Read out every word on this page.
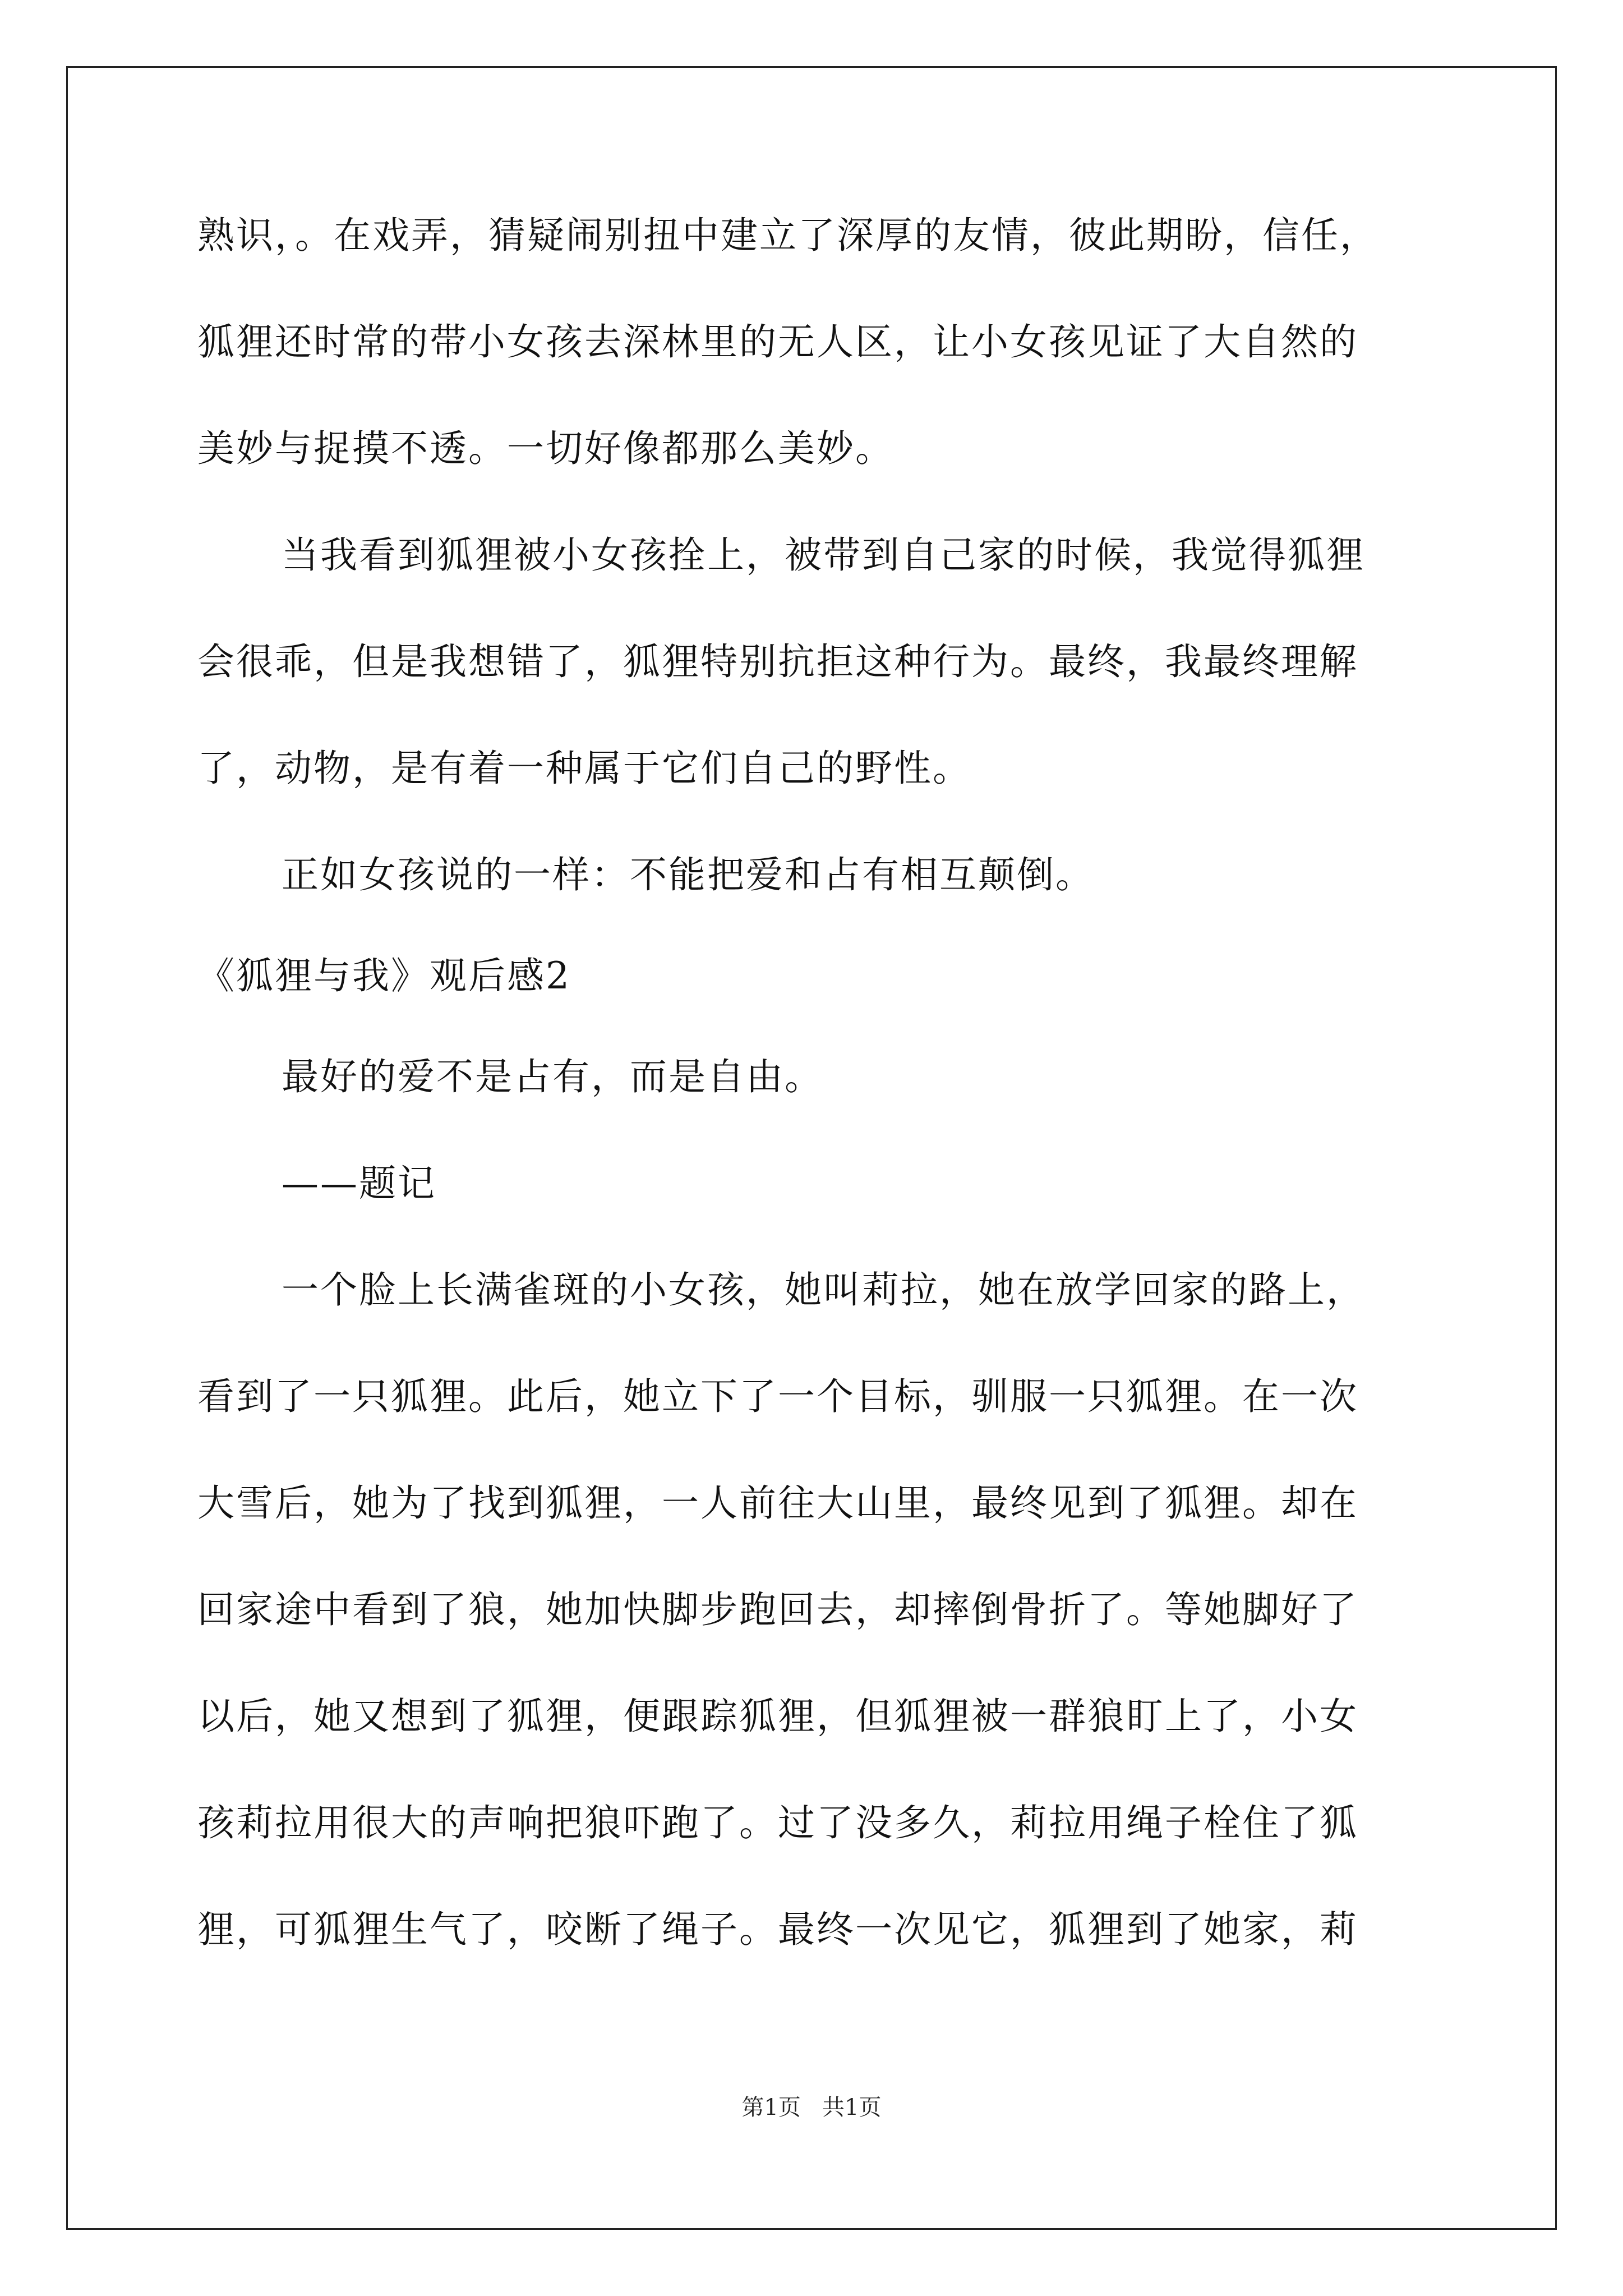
熟识，。在戏弄，猜疑闹别扭中建立了深厚的友情，彼此期盼，信任，
狐狸还时常的带小女孩去深林里的无人区，让小女孩见证了大自然的
美妙与捉摸不透。一切好像都那么美妙。
当我看到狐狸被小女孩拴上，被带到自己家的时候，我觉得狐狸
会很乖，但是我想错了，狐狸特别抗拒这种行为。最终，我最终理解
了，动物，是有着一种属于它们自己的野性。
正如女孩说的一样：不能把爱和占有相互颠倒。
《狐狸与我》观后感2
最好的爱不是占有，而是自由。
——题记
一个脸上长满雀斑的小女孩，她叫莉拉，她在放学回家的路上，
看到了一只狐狸。此后，她立下了一个目标，驯服一只狐狸。在一次
大雪后，她为了找到狐狸，一人前往大山里，最终见到了狐狸。却在
回家途中看到了狼，她加快脚步跑回去，却摔倒骨折了。等她脚好了
以后，她又想到了狐狸，便跟踪狐狸，但狐狸被一群狼盯上了，小女
孩莉拉用很大的声响把狼吓跑了。过了没多久，莉拉用绳子栓住了狐
狸，可狐狸生气了，咬断了绳子。最终一次见它，狐狸到了她家，莉
第1页   共1页
